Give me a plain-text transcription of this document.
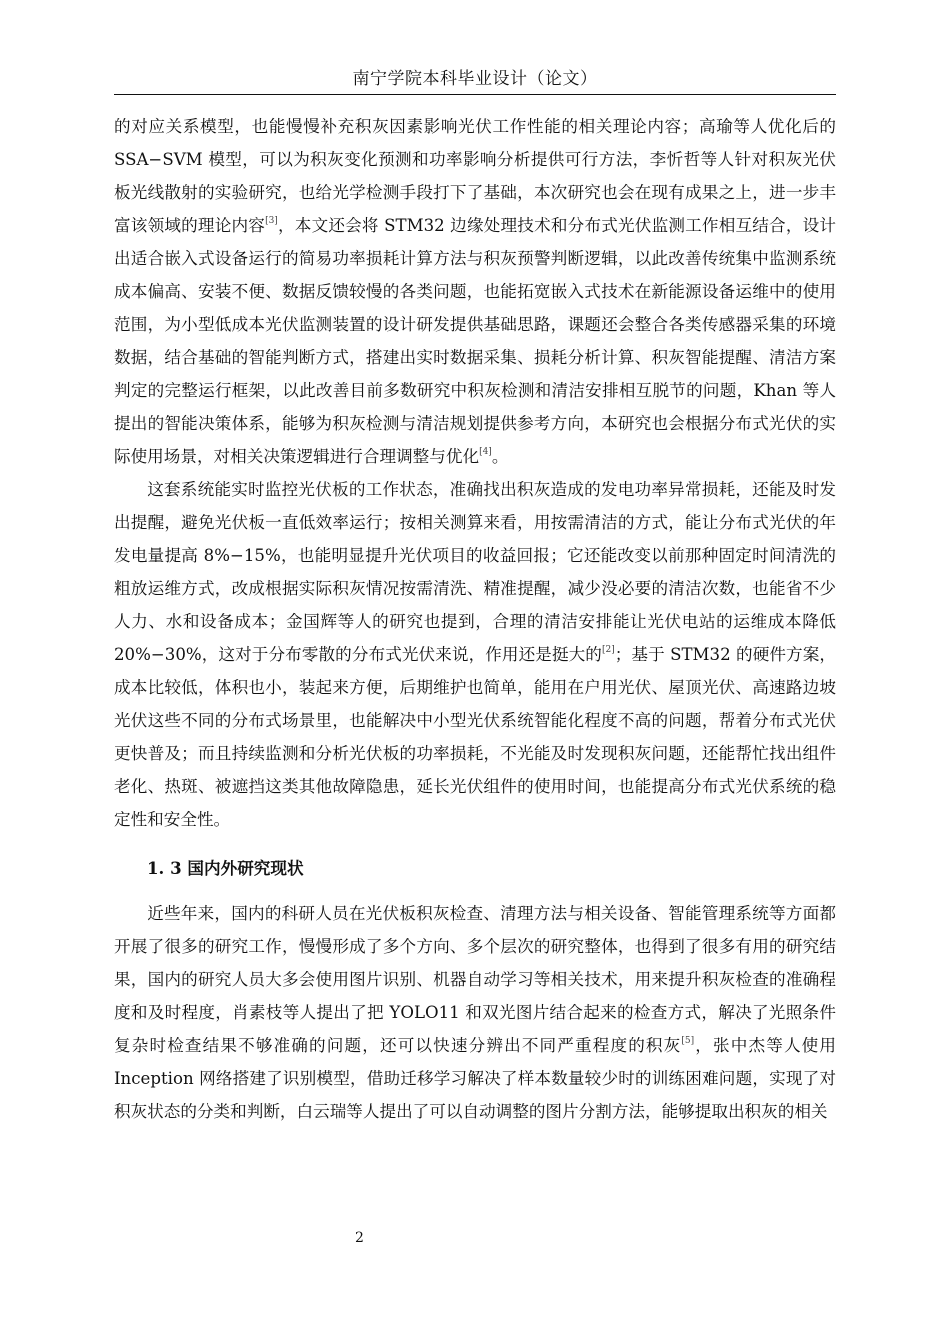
南宁学院本科毕业设计（论文）

的对应关系模型，也能慢慢补充积灰因素影响光伏工作性能的相关理论内容；高瑜等人优化后的 SSA−SVM 模型，可以为积灰变化预测和功率影响分析提供可行方法，李忻哲等人针对积灰光伏板光线散射的实验研究，也给光学检测手段打下了基础，本次研究也会在现有成果之上，进一步丰富该领域的理论内容[3]，本文还会将 STM32 边缘处理技术和分布式光伏监测工作相互结合，设计出适合嵌入式设备运行的简易功率损耗计算方法与积灰预警判断逻辑，以此改善传统集中监测系统成本偏高、安装不便、数据反馈较慢的各类问题，也能拓宽嵌入式技术在新能源设备运维中的使用范围，为小型低成本光伏监测装置的设计研发提供基础思路，课题还会整合各类传感器采集的环境数据，结合基础的智能判断方式，搭建出实时数据采集、损耗分析计算、积灰智能提醒、清洁方案判定的完整运行框架，以此改善目前多数研究中积灰检测和清洁安排相互脱节的问题，Khan 等人提出的智能决策体系，能够为积灰检测与清洁规划提供参考方向，本研究也会根据分布式光伏的实际使用场景，对相关决策逻辑进行合理调整与优化[4]。

这套系统能实时监控光伏板的工作状态，准确找出积灰造成的发电功率异常损耗，还能及时发出提醒，避免光伏板一直低效率运行；按相关测算来看，用按需清洁的方式，能让分布式光伏的年发电量提高 8%−15%，也能明显提升光伏项目的收益回报；它还能改变以前那种固定时间清洗的粗放运维方式，改成根据实际积灰情况按需清洗、精准提醒，减少没必要的清洁次数，也能省不少人力、水和设备成本；金国辉等人的研究也提到，合理的清洁安排能让光伏电站的运维成本降低 20%−30%，这对于分布零散的分布式光伏来说，作用还是挺大的[2]；基于 STM32 的硬件方案，成本比较低，体积也小，装起来方便，后期维护也简单，能用在户用光伏、屋顶光伏、高速路边坡光伏这些不同的分布式场景里，也能解决中小型光伏系统智能化程度不高的问题，帮着分布式光伏更快普及；而且持续监测和分析光伏板的功率损耗，不光能及时发现积灰问题，还能帮忙找出组件老化、热斑、被遮挡这类其他故障隐患，延长光伏组件的使用时间，也能提高分布式光伏系统的稳定性和安全性。

1. 3 国内外研究现状

近些年来，国内的科研人员在光伏板积灰检查、清理方法与相关设备、智能管理系统等方面都开展了很多的研究工作，慢慢形成了多个方向、多个层次的研究整体，也得到了很多有用的研究结果，国内的研究人员大多会使用图片识别、机器自动学习等相关技术，用来提升积灰检查的准确程度和及时程度，肖素枝等人提出了把 YOLO11 和双光图片结合起来的检查方式，解决了光照条件复杂时检查结果不够准确的问题，还可以快速分辨出不同严重程度的积灰[5]，张中杰等人使用 Inception 网络搭建了识别模型，借助迁移学习解决了样本数量较少时的训练困难问题，实现了对积灰状态的分类和判断，白云瑞等人提出了可以自动调整的图片分割方法，能够提取出积灰的相关

2
